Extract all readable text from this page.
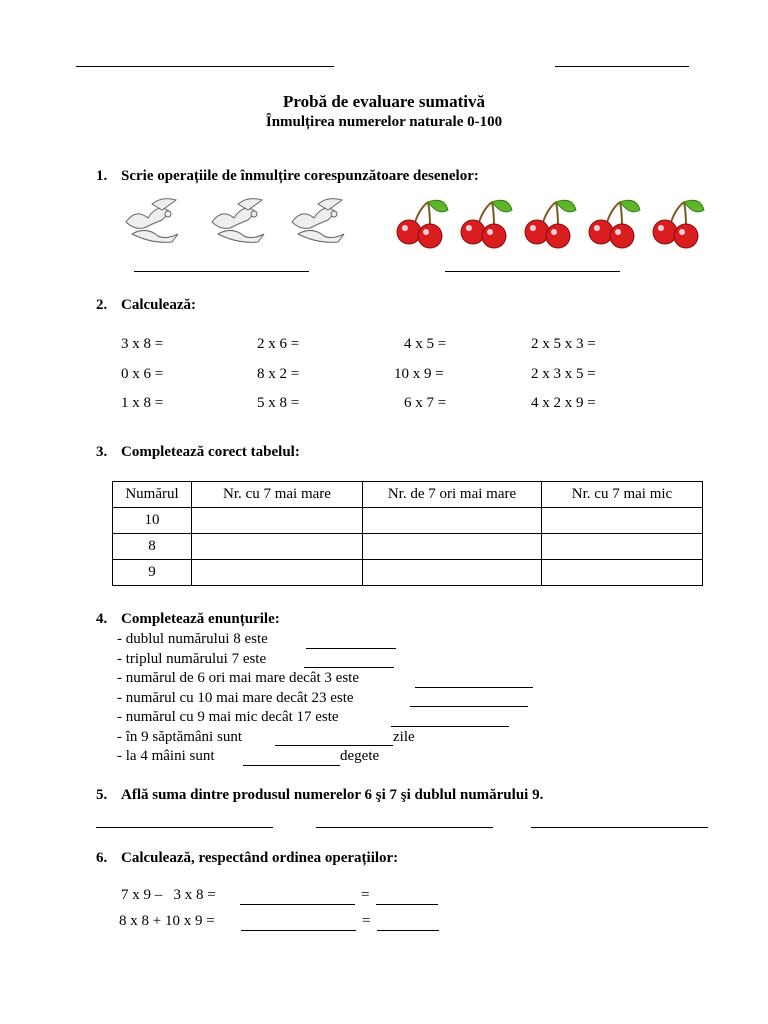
Probă de evaluare sumativă
Înmulțirea numerelor naturale 0-100
1. Scrie operațiile de înmulțire corespunzătoare desenelor:
2. Calculează:
3 x 8 =	2 x 6 =	4 x 5 =	2 x 5 x 3 =
0 x 6 =	8 x 2 =	10 x 9 =	2 x 3 x 5 =
1 x 8 =	5 x 8 =	6 x 7 =	4 x 2 x 9 =
3. Completează corect tabelul:
Numărul	Nr. cu 7 mai mare	Nr. de 7 ori mai mare	Nr. cu 7 mai mic
10			
8			
9			
4. Completează enunțurile:
- dublul numărului 8 este
- triplul numărului 7 este
- numărul de 6 ori mai mare decât 3 este
- numărul cu 10 mai mare decât 23 este
- numărul cu 9 mai mic decât 17 este
- în 9 săptămâni sunt	zile
- la 4 mâini sunt	degete
5. Află suma dintre produsul numerelor 6 şi 7 şi dublul numărului 9.
6. Calculează, respectând ordinea operațiilor:
7 x 9 –   3 x 8 =	=
8 x 8 + 10 x 9 =	=
